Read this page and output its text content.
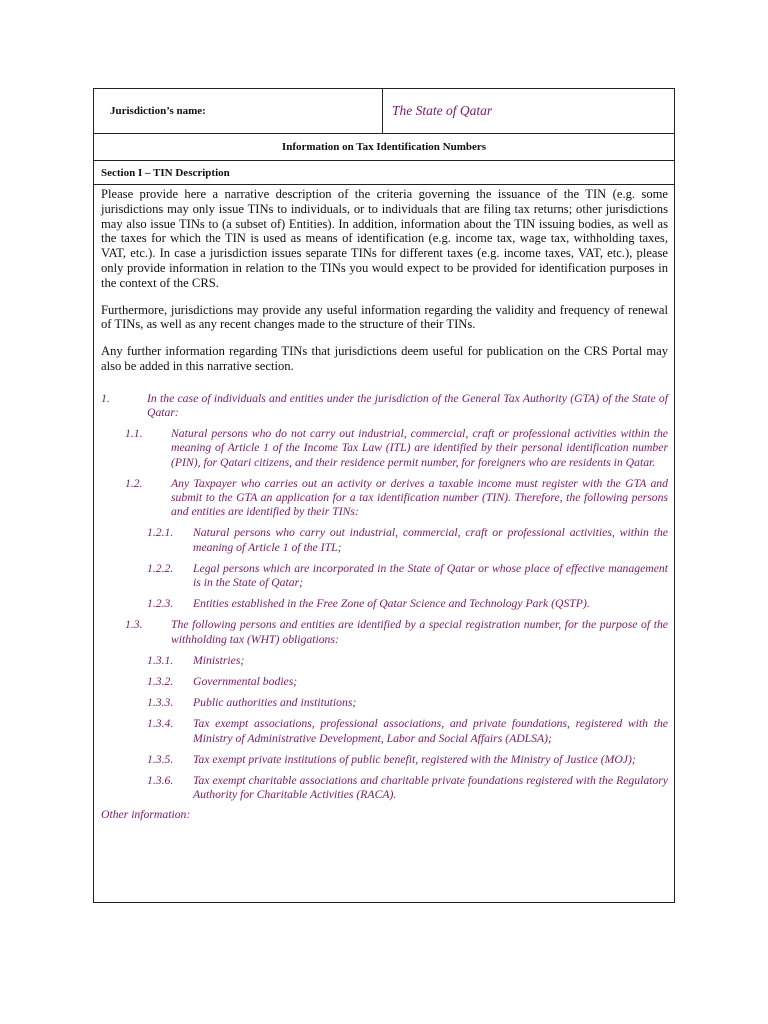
Jurisdiction’s name:	The State of Qatar
Information on Tax Identification Numbers
Section I – TIN Description

Please provide here a narrative description of the criteria governing the issuance of the TIN (e.g. some jurisdictions may only issue TINs to individuals, or to individuals that are filing tax returns; other jurisdictions may also issue TINs to (a subset of) Entities). In addition, information about the TIN issuing bodies, as well as the taxes for which the TIN is used as means of identification (e.g. income tax, wage tax, withholding taxes, VAT, etc.). In case a jurisdiction issues separate TINs for different taxes (e.g. income taxes, VAT, etc.), please only provide information in relation to the TINs you would expect to be provided for identification purposes in the context of the CRS.

Furthermore, jurisdictions may provide any useful information regarding the validity and frequency of renewal of TINs, as well as any recent changes made to the structure of their TINs.

Any further information regarding TINs that jurisdictions deem useful for publication on the CRS Portal may also be added in this narrative section.

1.	In the case of individuals and entities under the jurisdiction of the General Tax Authority (GTA) of the State of Qatar:
1.1.	Natural persons who do not carry out industrial, commercial, craft or professional activities within the meaning of Article 1 of the Income Tax Law (ITL) are identified by their personal identification number (PIN), for Qatari citizens, and their residence permit number, for foreigners who are residents in Qatar.
1.2.	Any Taxpayer who carries out an activity or derives a taxable income must register with the GTA and submit to the GTA an application for a tax identification number (TIN). Therefore, the following persons and entities are identified by their TINs:
1.2.1.	Natural persons who carry out industrial, commercial, craft or professional activities, within the meaning of Article 1 of the ITL;
1.2.2.	Legal persons which are incorporated in the State of Qatar or whose place of effective management is in the State of Qatar;
1.2.3.	Entities established in the Free Zone of Qatar Science and Technology Park (QSTP).
1.3.	The following persons and entities are identified by a special registration number, for the purpose of the withholding tax (WHT) obligations:
1.3.1.	Ministries;
1.3.2.	Governmental bodies;
1.3.3.	Public authorities and institutions;
1.3.4.	Tax exempt associations, professional associations, and private foundations, registered with the Ministry of Administrative Development, Labor and Social Affairs (ADLSA);
1.3.5.	Tax exempt private institutions of public benefit, registered with the Ministry of Justice (MOJ);
1.3.6.	Tax exempt charitable associations and charitable private foundations registered with the Regulatory Authority for Charitable Activities (RACA).
Other information:
